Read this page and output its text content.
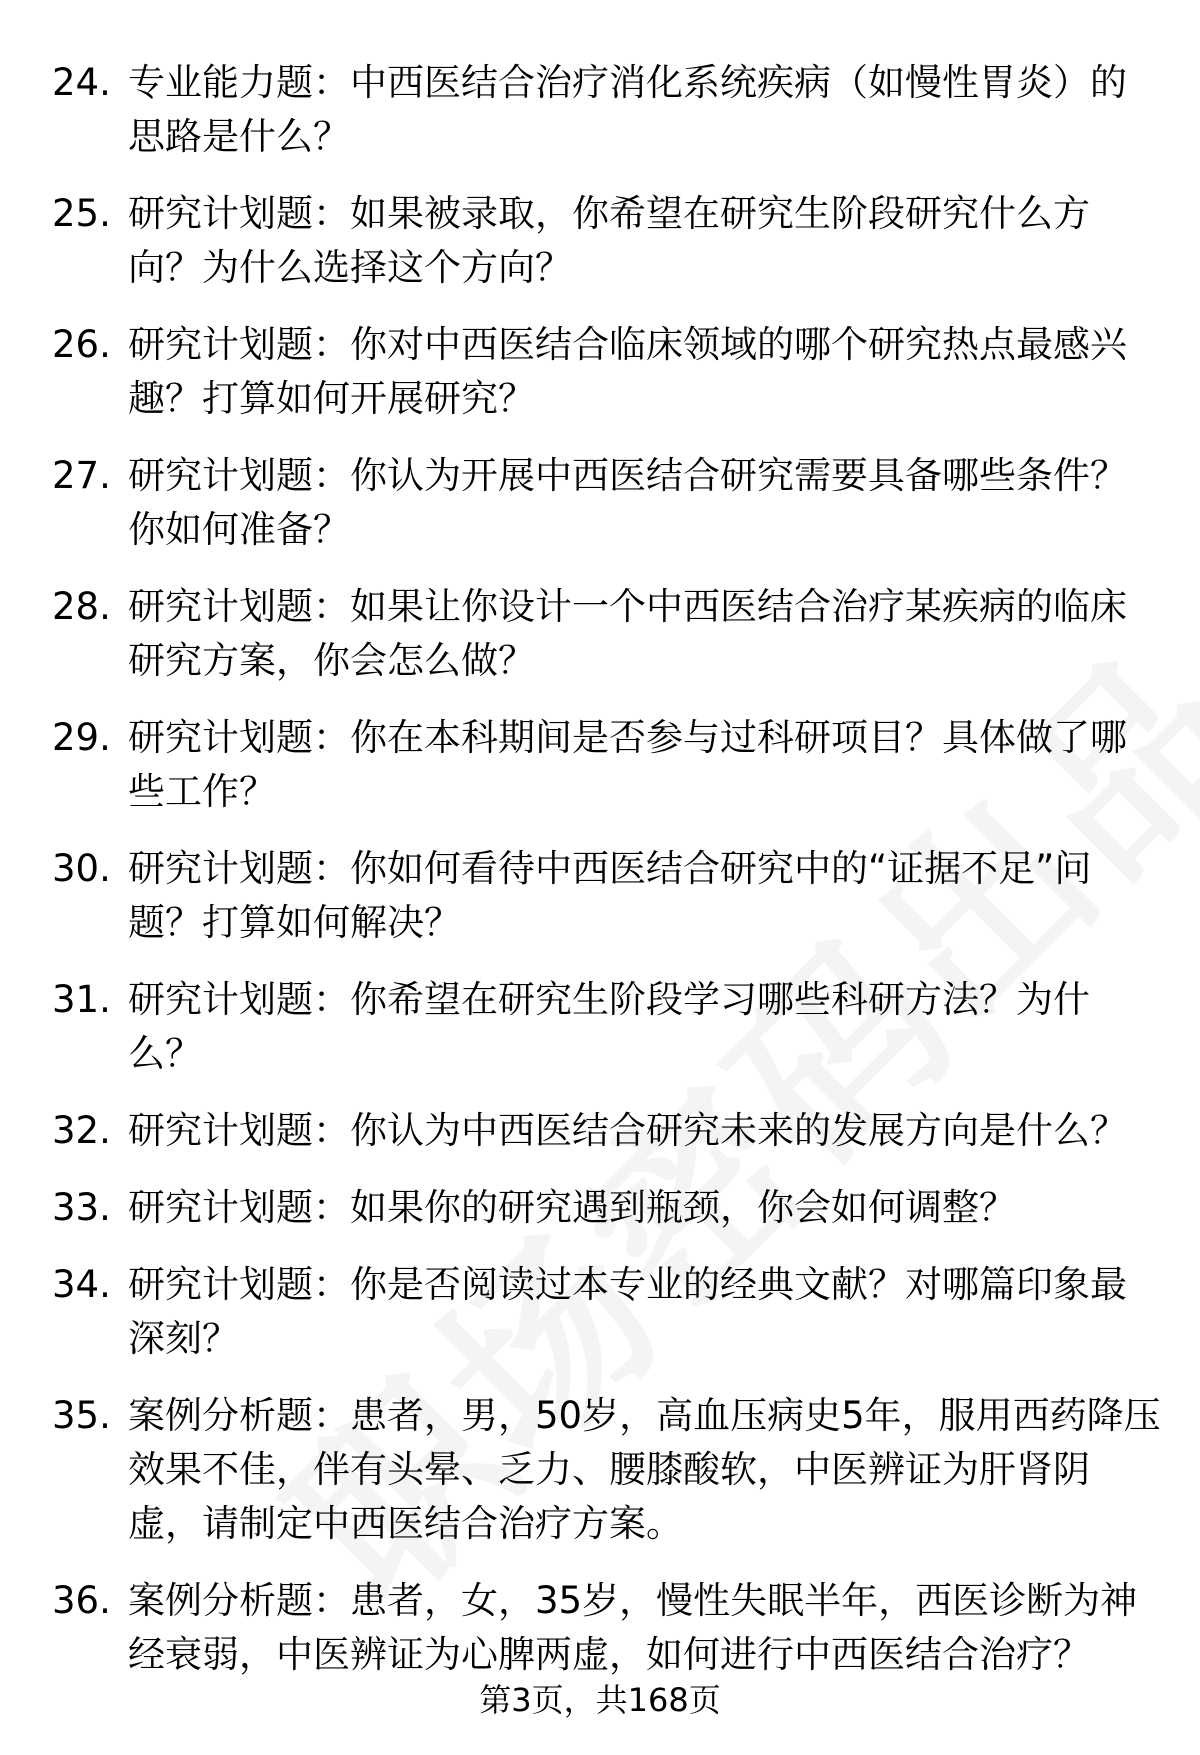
24. 专业能力题：中西医结合治疗消化系统疾病（如慢性胃炎）的思路是什么？
25. 研究计划题：如果被录取，你希望在研究生阶段研究什么方向？为什么选择这个方向？
26. 研究计划题：你对中西医结合临床领域的哪个研究热点最感兴趣？打算如何开展研究？
27. 研究计划题：你认为开展中西医结合研究需要具备哪些条件？你如何准备？
28. 研究计划题：如果让你设计一个中西医结合治疗某疾病的临床研究方案，你会怎么做？
29. 研究计划题：你在本科期间是否参与过科研项目？具体做了哪些工作？
30. 研究计划题：你如何看待中西医结合研究中的“证据不足”问题？打算如何解决？
31. 研究计划题：你希望在研究生阶段学习哪些科研方法？为什么？
32. 研究计划题：你认为中西医结合研究未来的发展方向是什么？
33. 研究计划题：如果你的研究遇到瓶颈，你会如何调整？
34. 研究计划题：你是否阅读过本专业的经典文献？对哪篇印象最深刻？
35. 案例分析题：患者，男，50岁，高血压病史5年，服用西药降压效果不佳，伴有头晕、乏力、腰膝酸软，中医辨证为肝肾阴虚，请制定中西医结合治疗方案。
36. 案例分析题：患者，女，35岁，慢性失眠半年，西医诊断为神经衰弱，中医辨证为心脾两虚，如何进行中西医结合治疗？
第3页，共168页
